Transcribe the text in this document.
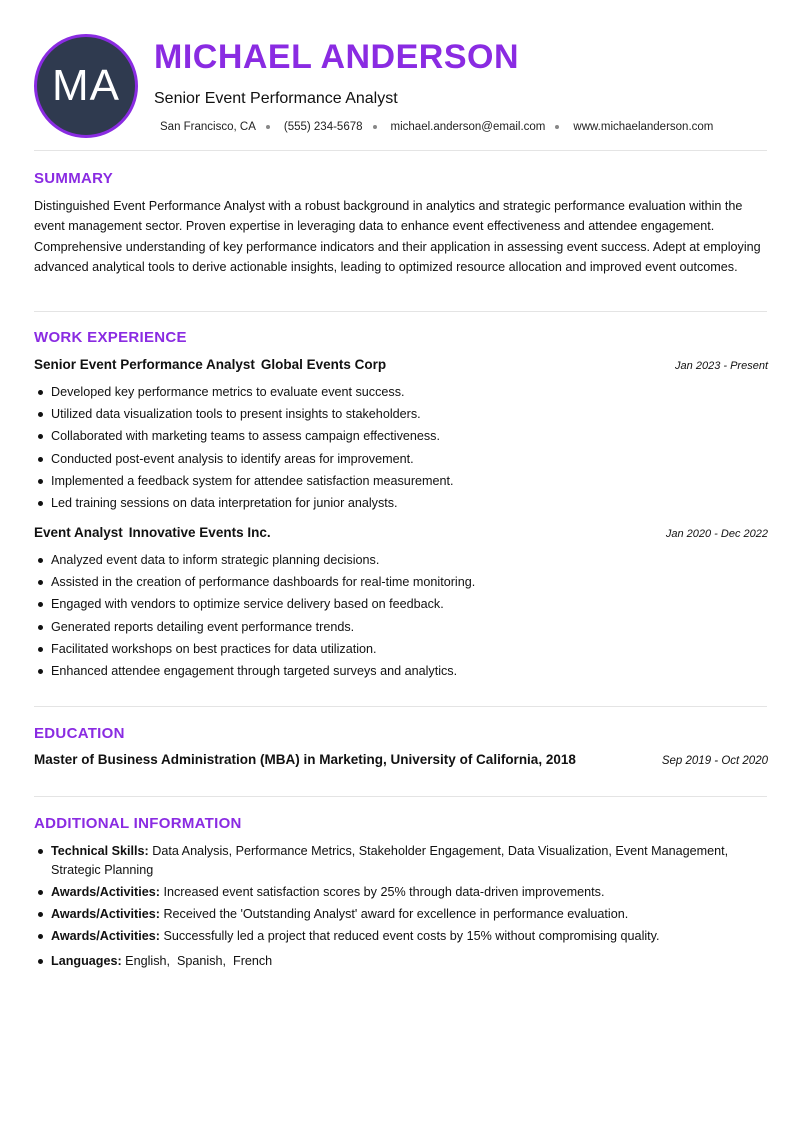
MA
MICHAEL ANDERSON
Senior Event Performance Analyst
San Francisco, CA (555) 234-5678 michael.anderson@email.com www.michaelanderson.com
SUMMARY

Distinguished Event Performance Analyst with a robust background in analytics and strategic performance evaluation within the event management sector. Proven expertise in leveraging data to enhance event effectiveness and attendee engagement. Comprehensive understanding of key performance indicators and their application in assessing event success. Adept at employing advanced analytical tools to derive actionable insights, leading to optimized resource allocation and improved event outcomes.

WORK EXPERIENCE
Senior Event Performance Analyst Global Events Corp	Jan 2023 - Present
Developed key performance metrics to evaluate event success.
Utilized data visualization tools to present insights to stakeholders.
Collaborated with marketing teams to assess campaign effectiveness.
Conducted post-event analysis to identify areas for improvement.
Implemented a feedback system for attendee satisfaction measurement.
Led training sessions on data interpretation for junior analysts.
Event Analyst Innovative Events Inc.	Jan 2020 - Dec 2022
Analyzed event data to inform strategic planning decisions.
Assisted in the creation of performance dashboards for real-time monitoring.
Engaged with vendors to optimize service delivery based on feedback.
Generated reports detailing event performance trends.
Facilitated workshops on best practices for data utilization.
Enhanced attendee engagement through targeted surveys and analytics.
EDUCATION
Master of Business Administration (MBA) in Marketing, University of California, 2018	Sep 2019 - Oct 2020
ADDITIONAL INFORMATION
Technical Skills: Data Analysis, Performance Metrics, Stakeholder Engagement, Data Visualization, Event Management, Strategic Planning
Awards/Activities: Increased event satisfaction scores by 25% through data-driven improvements.
Awards/Activities: Received the 'Outstanding Analyst' award for excellence in performance evaluation.
Awards/Activities: Successfully led a project that reduced event costs by 15% without compromising quality.
Languages: English,  Spanish,  French
